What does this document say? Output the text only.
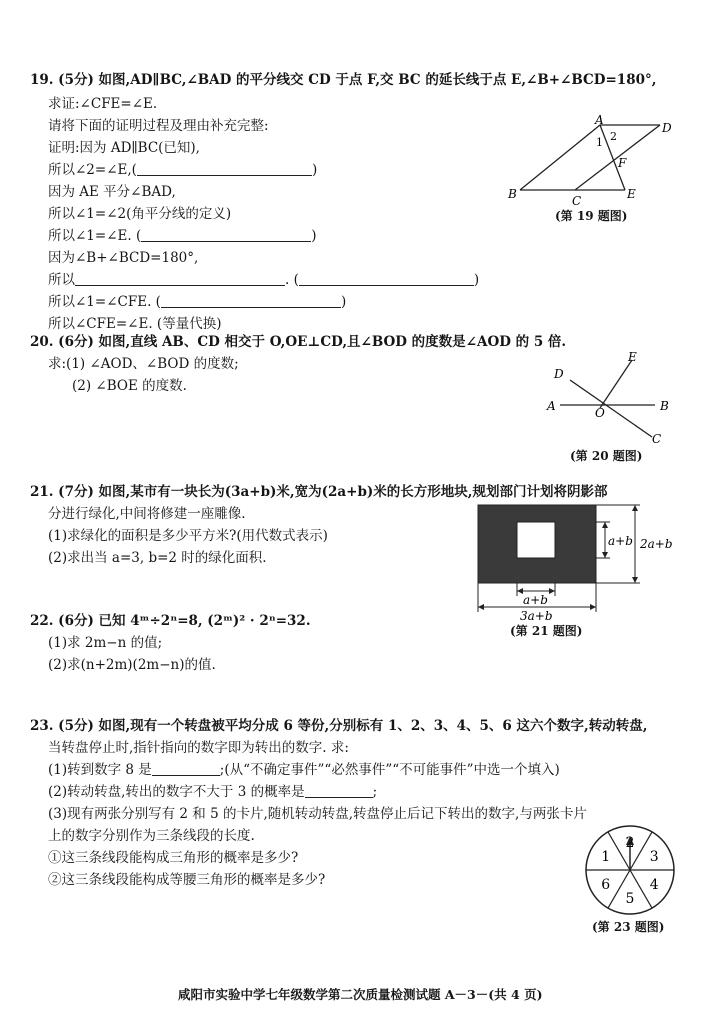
19. (5分) 如图,AD∥BC,∠BAD 的平分线交 CD 于点 F,交 BC 的延长线于点 E,∠B+∠BCD=180°,
求证:∠CFE=∠E.
请将下面的证明过程及理由补充完整:
证明:因为 AD∥BC(已知),
所以∠2=∠E,(	)
因为 AE 平分∠BAD,
所以∠1=∠2(角平分线的定义)
所以∠1=∠E. (	)
因为∠B+∠BCD=180°,
所以	. (	)
所以∠1=∠CFE. (	)
所以∠CFE=∠E. (等量代换)
A
D
B	C	E
F
1 2
(第 19 题图)
20. (6分) 如图,直线 AB、CD 相交于 O,OE⊥CD,且∠BOD 的度数是∠AOD 的 5 倍.
求:(1) ∠AOD、∠BOD 的度数;
(2) ∠BOE 的度数.
A	B
C
D
E
O
(第 20 题图)
21. (7分) 如图,某市有一块长为(3a+b)米,宽为(2a+b)米的长方形地块,规划部门计划将阴影部
分进行绿化,中间将修建一座雕像.
(1)求绿化的面积是多少平方米?(用代数式表示)
(2)求出当 a=3, b=2 时的绿化面积.
a+b 2a+b
a+b
3a+b
(第 21 题图)
22. (6分) 已知 4ᵐ÷2ⁿ=8, (2ᵐ)² · 2ⁿ=32.
(1)求 2m−n 的值;
(2)求(n+2m)(2m−n)的值.
23. (5分) 如图,现有一个转盘被平均分成 6 等份,分别标有 1、2、3、4、5、6 这六个数字,转动转盘,
当转盘停止时,指针指向的数字即为转出的数字. 求:
(1)转到数字 8 是	;(从“不确定事件”“必然事件”“不可能事件”中选一个填入)
(2)转动转盘,转出的数字不大于 3 的概率是	;
(3)现有两张分别写有 2 和 5 的卡片,随机转动转盘,转盘停止后记下转出的数字,与两张卡片
上的数字分别作为三条线段的长度.
①这三条线段能构成三角形的概率是多少?
②这三条线段能构成等腰三角形的概率是多少?
2
3
4
5
6
1
(第 23 题图)
咸阳市实验中学七年级数学第二次质量检测试题 A－3－(共 4 页)
